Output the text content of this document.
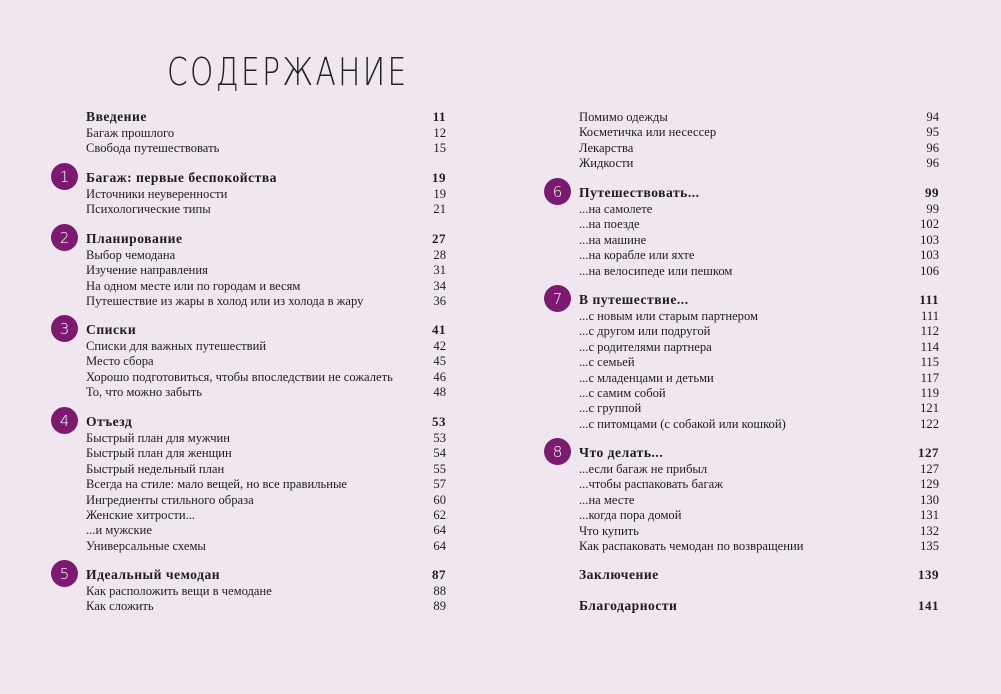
СОДЕРЖАНИЕ
Введение	11
Багаж прошлого	12
Свобода путешествовать	15
1	Багаж: первые беспокойства	19
Источники неуверенности	19
Психологические типы	21
2	Планирование	27
Выбор чемодана	28
Изучение направления	31
На одном месте или по городам и весям	34
Путешествие из жары в холод или из холода в жару	36
3	Списки	41
Списки для важных путешествий	42
Место сбора	45
Хорошо подготовиться, чтобы впоследствии не сожалеть	46
То, что можно забыть	48
4	Отъезд	53
Быстрый план для мужчин	53
Быстрый план для женщин	54
Быстрый недельный план	55
Всегда на стиле: мало вещей, но все правильные	57
Ингредиенты стильного образа	60
Женские хитрости...	62
...и мужские	64
Универсальные схемы	64
5	Идеальный чемодан	87
Как расположить вещи в чемодане	88
Как сложить	89
Помимо одежды	94
Косметичка или несессер	95
Лекарства	96
Жидкости	96
6	Путешествовать...	99
...на самолете	99
...на поезде	102
...на машине	103
...на корабле или яхте	103
...на велосипеде или пешком	106
7	В путешествие...	111
...с новым или старым партнером	111
...с другом или подругой	112
...с родителями партнера	114
...с семьей	115
...с младенцами и детьми	117
...с самим собой	119
...с группой	121
...с питомцами (с собакой или кошкой)	122
8	Что делать...	127
...если багаж не прибыл	127
...чтобы распаковать багаж	129
...на месте	130
...когда пора домой	131
Что купить	132
Как распаковать чемодан по возвращении	135
Заключение	139
Благодарности	141
